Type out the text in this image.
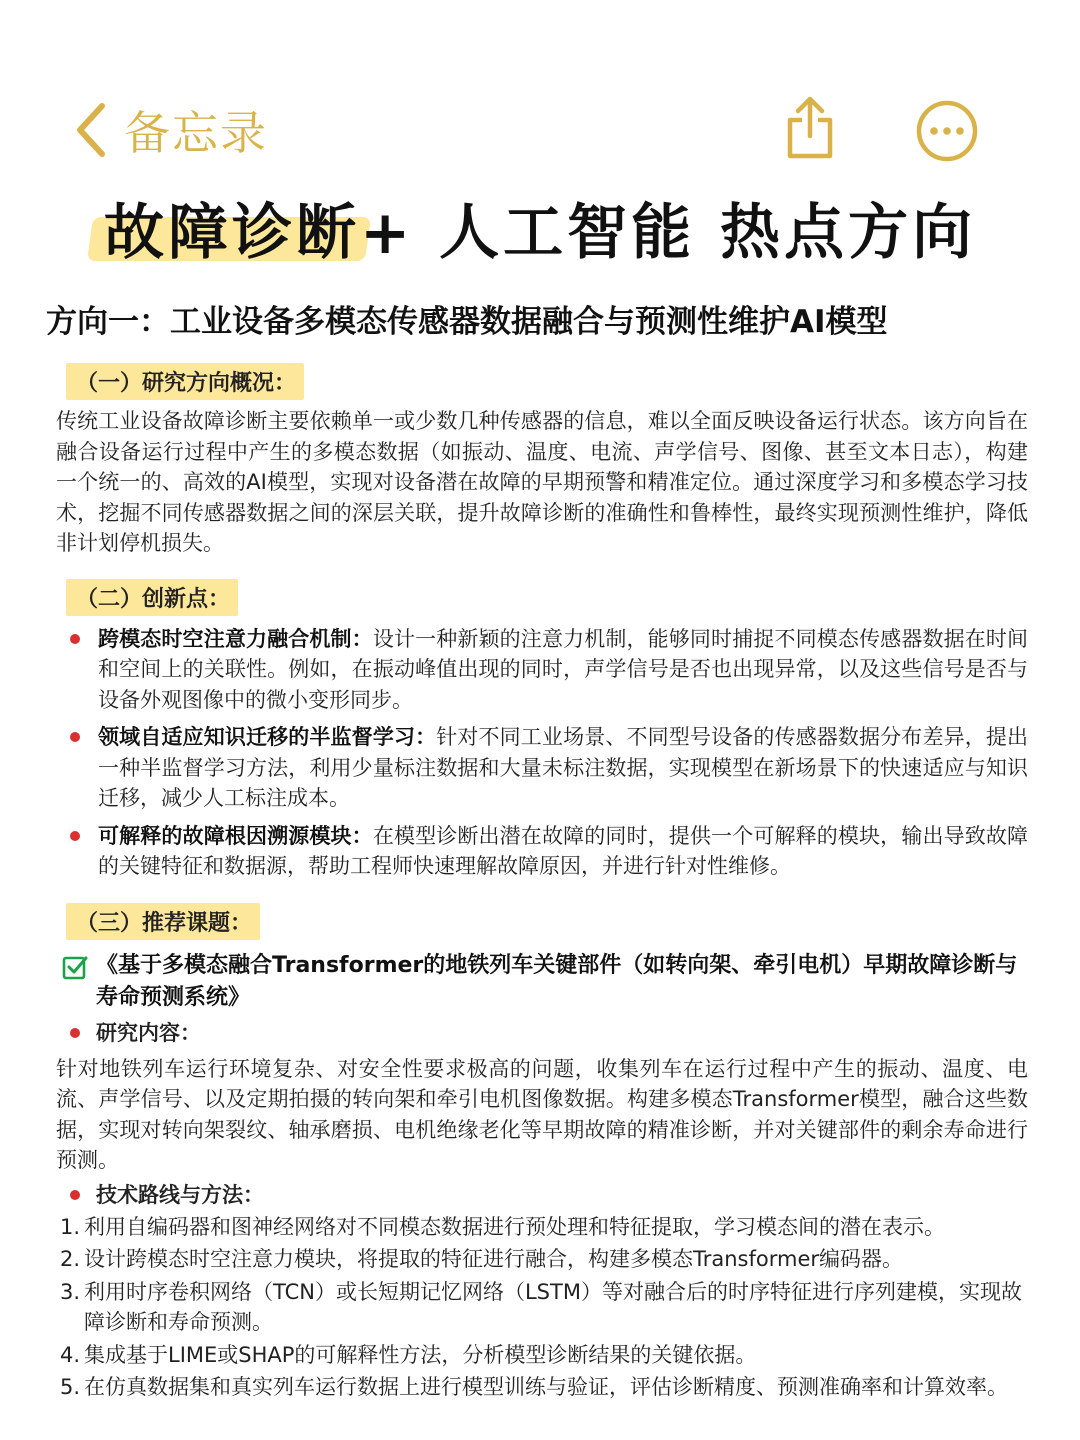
备忘录
故障诊断+ 人工智能 热点方向
方向一：工业设备多模态传感器数据融合与预测性维护AI模型
（一）研究方向概况：
传统工业设备故障诊断主要依赖单一或少数几种传感器的信息，难以全面反映设备运行状态。该方向旨在融合设备运行过程中产生的多模态数据（如振动、温度、电流、声学信号、图像、甚至文本日志），构建一个统一的、高效的AI模型，实现对设备潜在故障的早期预警和精准定位。通过深度学习和多模态学习技术，挖掘不同传感器数据之间的深层关联，提升故障诊断的准确性和鲁棒性，最终实现预测性维护，降低非计划停机损失。
（二）创新点：
跨模态时空注意力融合机制：设计一种新颖的注意力机制，能够同时捕捉不同模态传感器数据在时间和空间上的关联性。例如，在振动峰值出现的同时，声学信号是否也出现异常，以及这些信号是否与设备外观图像中的微小变形同步。
领域自适应知识迁移的半监督学习：针对不同工业场景、不同型号设备的传感器数据分布差异，提出一种半监督学习方法，利用少量标注数据和大量未标注数据，实现模型在新场景下的快速适应与知识迁移，减少人工标注成本。
可解释的故障根因溯源模块：在模型诊断出潜在故障的同时，提供一个可解释的模块，输出导致故障的关键特征和数据源，帮助工程师快速理解故障原因，并进行针对性维修。
（三）推荐课题：
《基于多模态融合Transformer的地铁列车关键部件（如转向架、牵引电机）早期故障诊断与寿命预测系统》
研究内容：
针对地铁列车运行环境复杂、对安全性要求极高的问题，收集列车在运行过程中产生的振动、温度、电流、声学信号、以及定期拍摄的转向架和牵引电机图像数据。构建多模态Transformer模型，融合这些数据，实现对转向架裂纹、轴承磨损、电机绝缘老化等早期故障的精准诊断，并对关键部件的剩余寿命进行预测。
技术路线与方法：
1. 利用自编码器和图神经网络对不同模态数据进行预处理和特征提取，学习模态间的潜在表示。
2. 设计跨模态时空注意力模块，将提取的特征进行融合，构建多模态Transformer编码器。
3. 利用时序卷积网络（TCN）或长短期记忆网络（LSTM）等对融合后的时序特征进行序列建模，实现故障诊断和寿命预测。
4. 集成基于LIME或SHAP的可解释性方法，分析模型诊断结果的关键依据。
5. 在仿真数据集和真实列车运行数据上进行模型训练与验证，评估诊断精度、预测准确率和计算效率。
